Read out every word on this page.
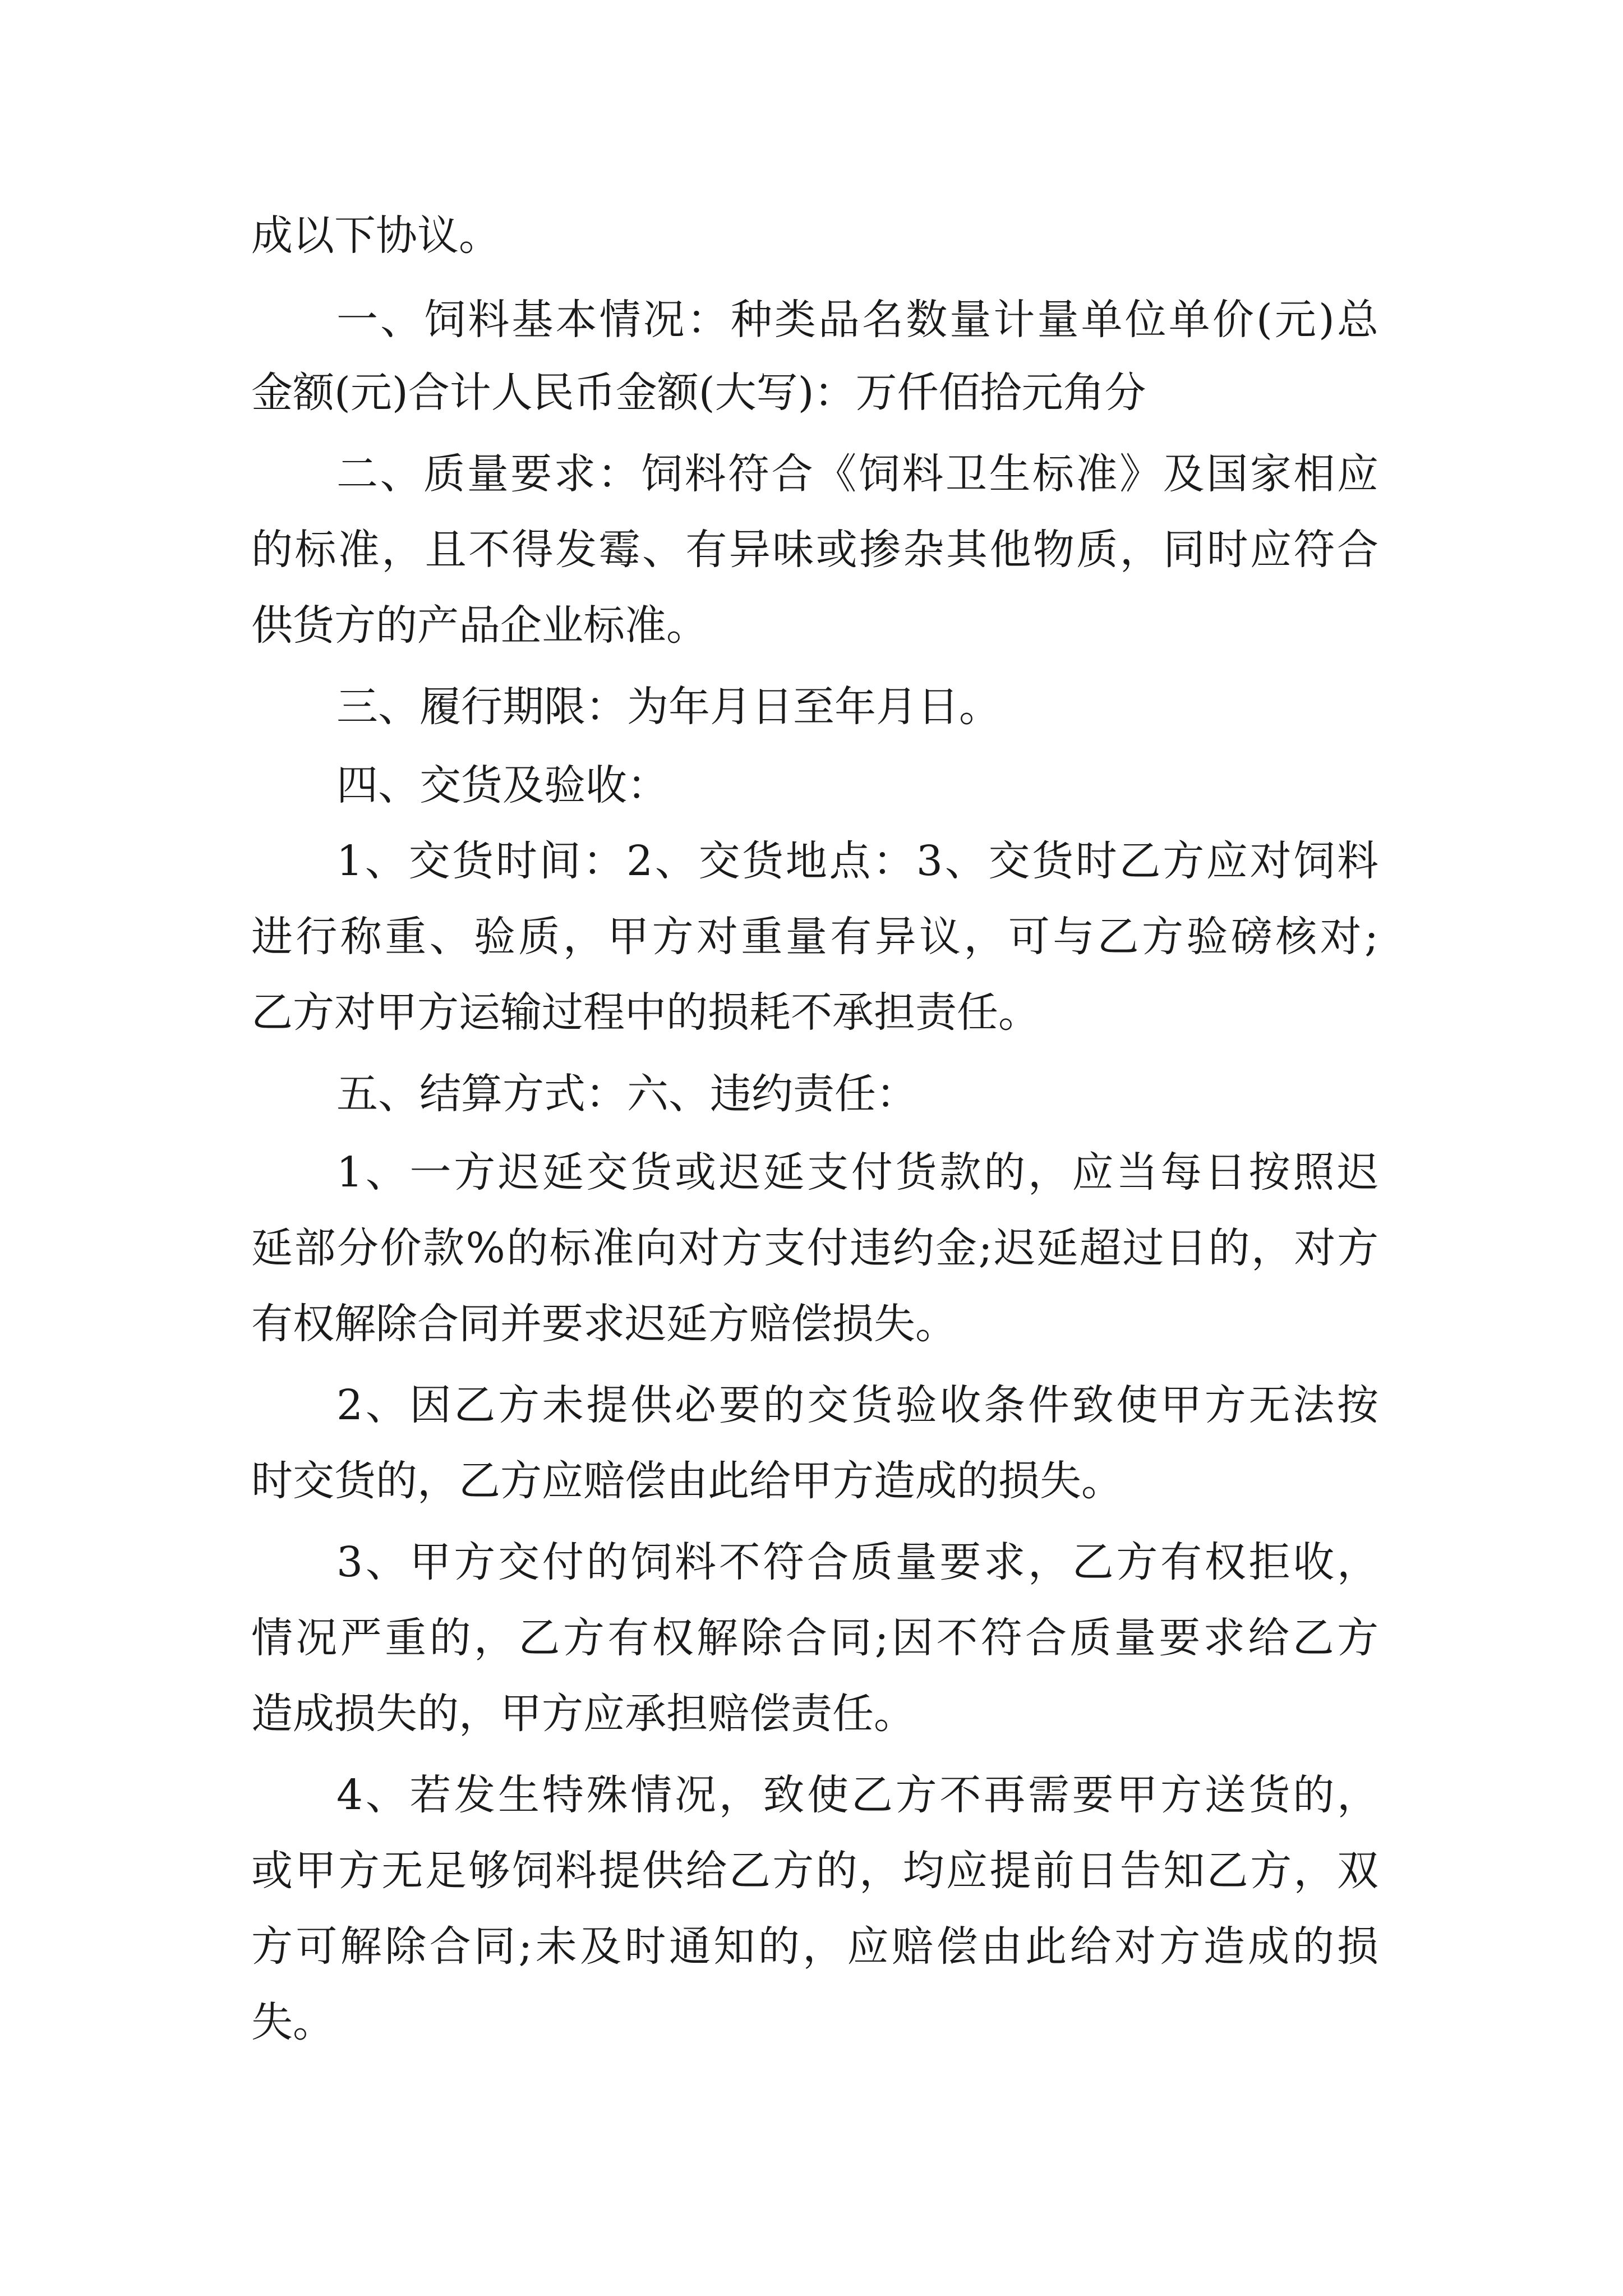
成以下协议。

一、饲料基本情况：种类品名数量计量单位单价(元)总

金额(元)合计人民币金额(大写)：万仟佰拾元角分

二、质量要求：饲料符合《饲料卫生标准》及国家相应

的标准，且不得发霉、有异味或掺杂其他物质，同时应符合

供货方的产品企业标准。

三、履行期限：为年月日至年月日。

四、交货及验收：

1、交货时间：2、交货地点：3、交货时乙方应对饲料

进行称重、验质，甲方对重量有异议，可与乙方验磅核对;

乙方对甲方运输过程中的损耗不承担责任。

五、结算方式：六、违约责任：

1、一方迟延交货或迟延支付货款的，应当每日按照迟

延部分价款%的标准向对方支付违约金;迟延超过日的，对方

有权解除合同并要求迟延方赔偿损失。

2、因乙方未提供必要的交货验收条件致使甲方无法按

时交货的，乙方应赔偿由此给甲方造成的损失。

3、甲方交付的饲料不符合质量要求，乙方有权拒收，

情况严重的，乙方有权解除合同;因不符合质量要求给乙方

造成损失的，甲方应承担赔偿责任。

4、若发生特殊情况，致使乙方不再需要甲方送货的，

或甲方无足够饲料提供给乙方的，均应提前日告知乙方，双

方可解除合同;未及时通知的，应赔偿由此给对方造成的损

失。
